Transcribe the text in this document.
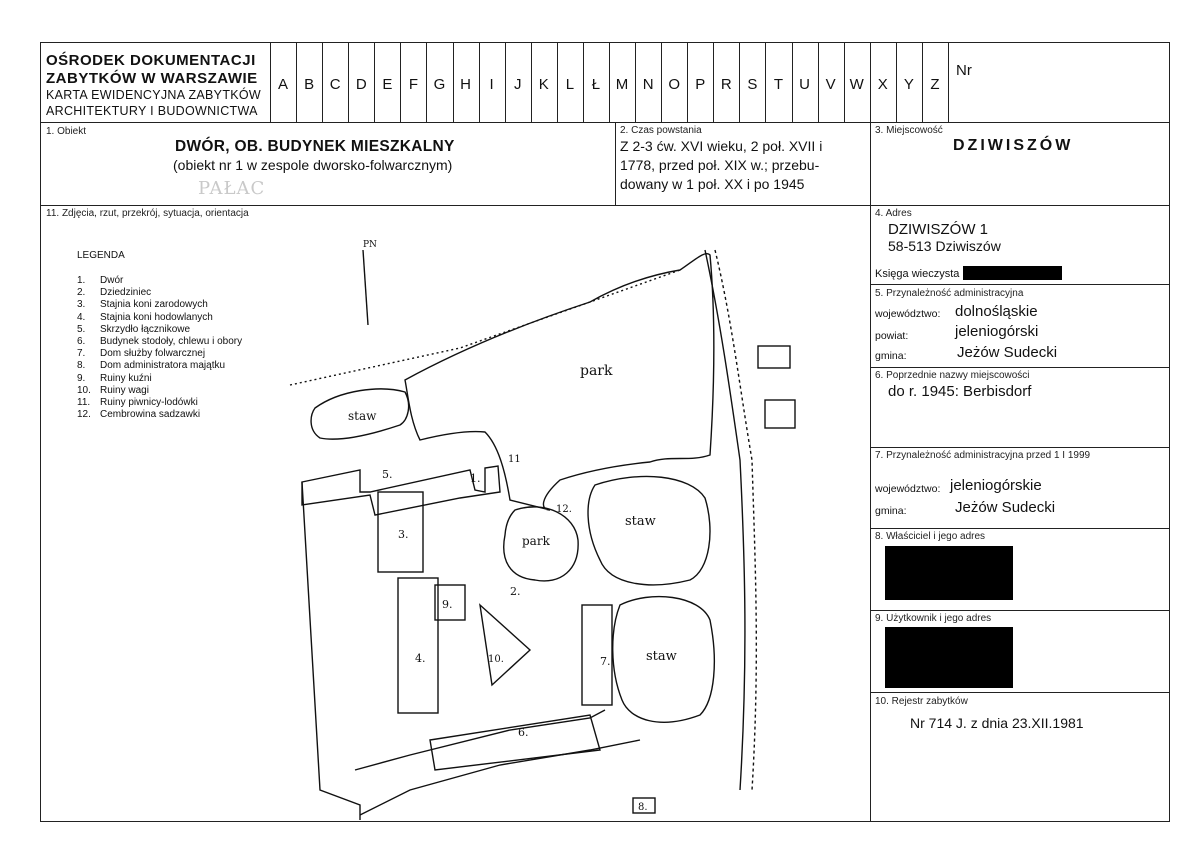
OŚRODEK DOKUMENTACJI
ZABYTKÓW W WARSZAWIE
KARTA EWIDENCYJNA ZABYTKÓW
ARCHITEKTURY I BUDOWNICTWA
A	B	C	D	E	F	G H	I	J	K	L	Ł	M N O	P	R	S	T	U	V W X	Y	Z
Nr
1. Obiekt
DWÓR, OB. BUDYNEK MIESZKALNY
(obiekt nr 1 w zespole dworsko-folwarcznym)
PAŁAC
2. Czas powstania
Z 2-3 ćw. XVI wieku, 2 poł. XVII i
1778, przed poł. XIX w.; przebu-
dowany w 1 poł. XX i po 1945
3. Miejscowość
DZIWISZÓW
4. Adres
DZIWISZÓW 1
58-513 Dziwiszów
Księga wieczysta
5. Przynależność administracyjna
województwo: dolnośląskie
powiat:	jeleniogórski
gmina:	Jeżów Sudecki
6. Poprzednie nazwy miejscowości
do r. 1945: Berbisdorf
7. Przynależność administracyjna przed 1 I 1999
województwo: jeleniogórskie
gmina:	Jeżów Sudecki
8. Właściciel i jego adres
9. Użytkownik i jego adres
10. Rejestr zabytków
Nr 714 J. z dnia 23.XII.1981
11. Zdjęcia, rzut, przekrój, sytuacja, orientacja
LEGENDA
1. Dwór
2. Dziedziniec
3. Stajnia koni zarodowych
4. Stajnia koni hodowlanych
5. Skrzydło łącznikowe
6. Budynek stodoły, chlewu i obory
7. Dom służby folwarcznej
8. Dom administratora majątku
9. Ruiny kuźni
10. Ruiny wagi
11. Ruiny piwnicy-lodówki
12. Cembrowina sadzawki
PN
park
staw
staw
staw
park
1.
2.
3.
4.
5.
6.
7.
8.
9.
10.
11
12.
